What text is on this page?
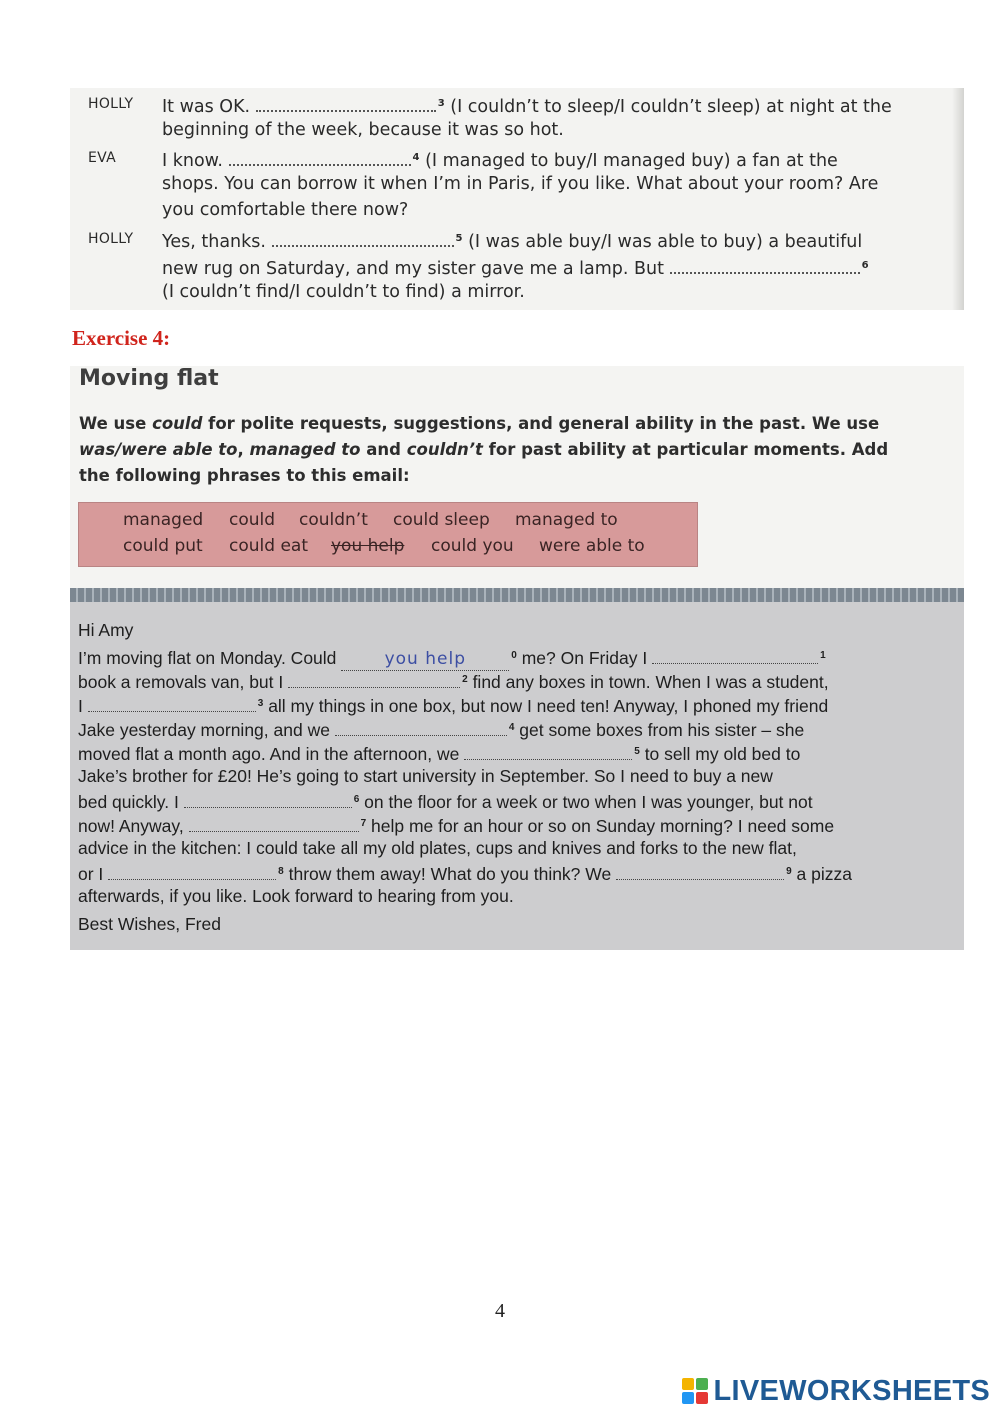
HOLLY It was OK.	$^3$ (I couldn’t to sleep/I couldn’t sleep) at night at the
beginning of the week, because it was so hot.
EVA	I know.	$^4$ (I managed to buy/I managed buy) a fan at the
shops. You can borrow it when I’m in Paris, if you like. What about your room? Are
you comfortable there now?
HOLLY Yes, thanks.	$^5$ (I was able buy/I was able to buy) a beautiful
new rug on Saturday, and my sister gave me a lamp. But	$^6$
(I couldn’t find/I couldn’t to find) a mirror.
Exercise 4:
Moving flat
We use could for polite requests, suggestions, and general ability in the past. We use
was/were able to, managed to and couldn’t for past ability at particular moments. Add
the following phrases to this email:
managed could couldn’t could sleep managed to
could put could eat you help could you were able to
Hi Amy
I’m moving flat on Monday. Could	you help	$^0$ me? On Friday I	$^1$
book a removals van, but I	$^2$ find any boxes in town. When I was a student,
I	$^3$ all my things in one box, but now I need ten! Anyway, I phoned my friend
Jake yesterday morning, and we	$^4$ get some boxes from his sister – she
moved flat a month ago. And in the afternoon, we	$^5$ to sell my old bed to
Jake’s brother for £20! He’s going to start university in September. So I need to buy a new
bed quickly. I	$^6$ on the floor for a week or two when I was younger, but not
now! Anyway,	$^7$ help me for an hour or so on Sunday morning? I need some
advice in the kitchen: I could take all my old plates, cups and knives and forks to the new flat,
or I	$^8$ throw them away! What do you think? We	$^9$ a pizza
afterwards, if you like. Look forward to hearing from you.
Best Wishes, Fred
4
LIVEWORKSHEETS
